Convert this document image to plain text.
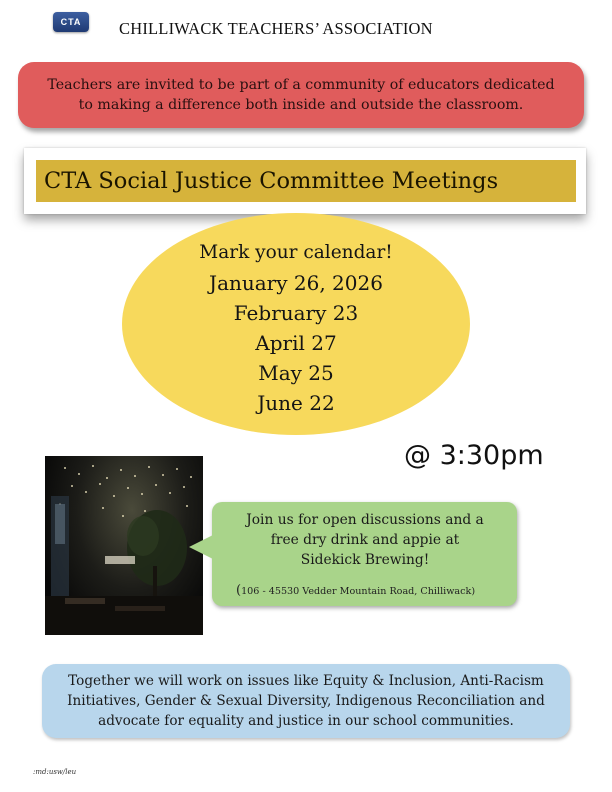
CTA	CHILLIWACK TEACHERS’ ASSOCIATION
Teachers are invited to be part of a community of educators dedicated
to making a difference both inside and outside the classroom.
CTA Social Justice Committee Meetings
Mark your calendar!
January 26, 2026
February 23
April 27
May 25
June 22
@ 3:30pm
Join us for open discussions and a
free dry drink and appie at
Sidekick Brewing!
(106 - 45530 Vedder Mountain Road, Chilliwack)
Together we will work on issues like Equity & Inclusion, Anti-Racism
Initiatives, Gender & Sexual Diversity, Indigenous Reconciliation and
advocate for equality and justice in our school communities.
:md:usw/leu
